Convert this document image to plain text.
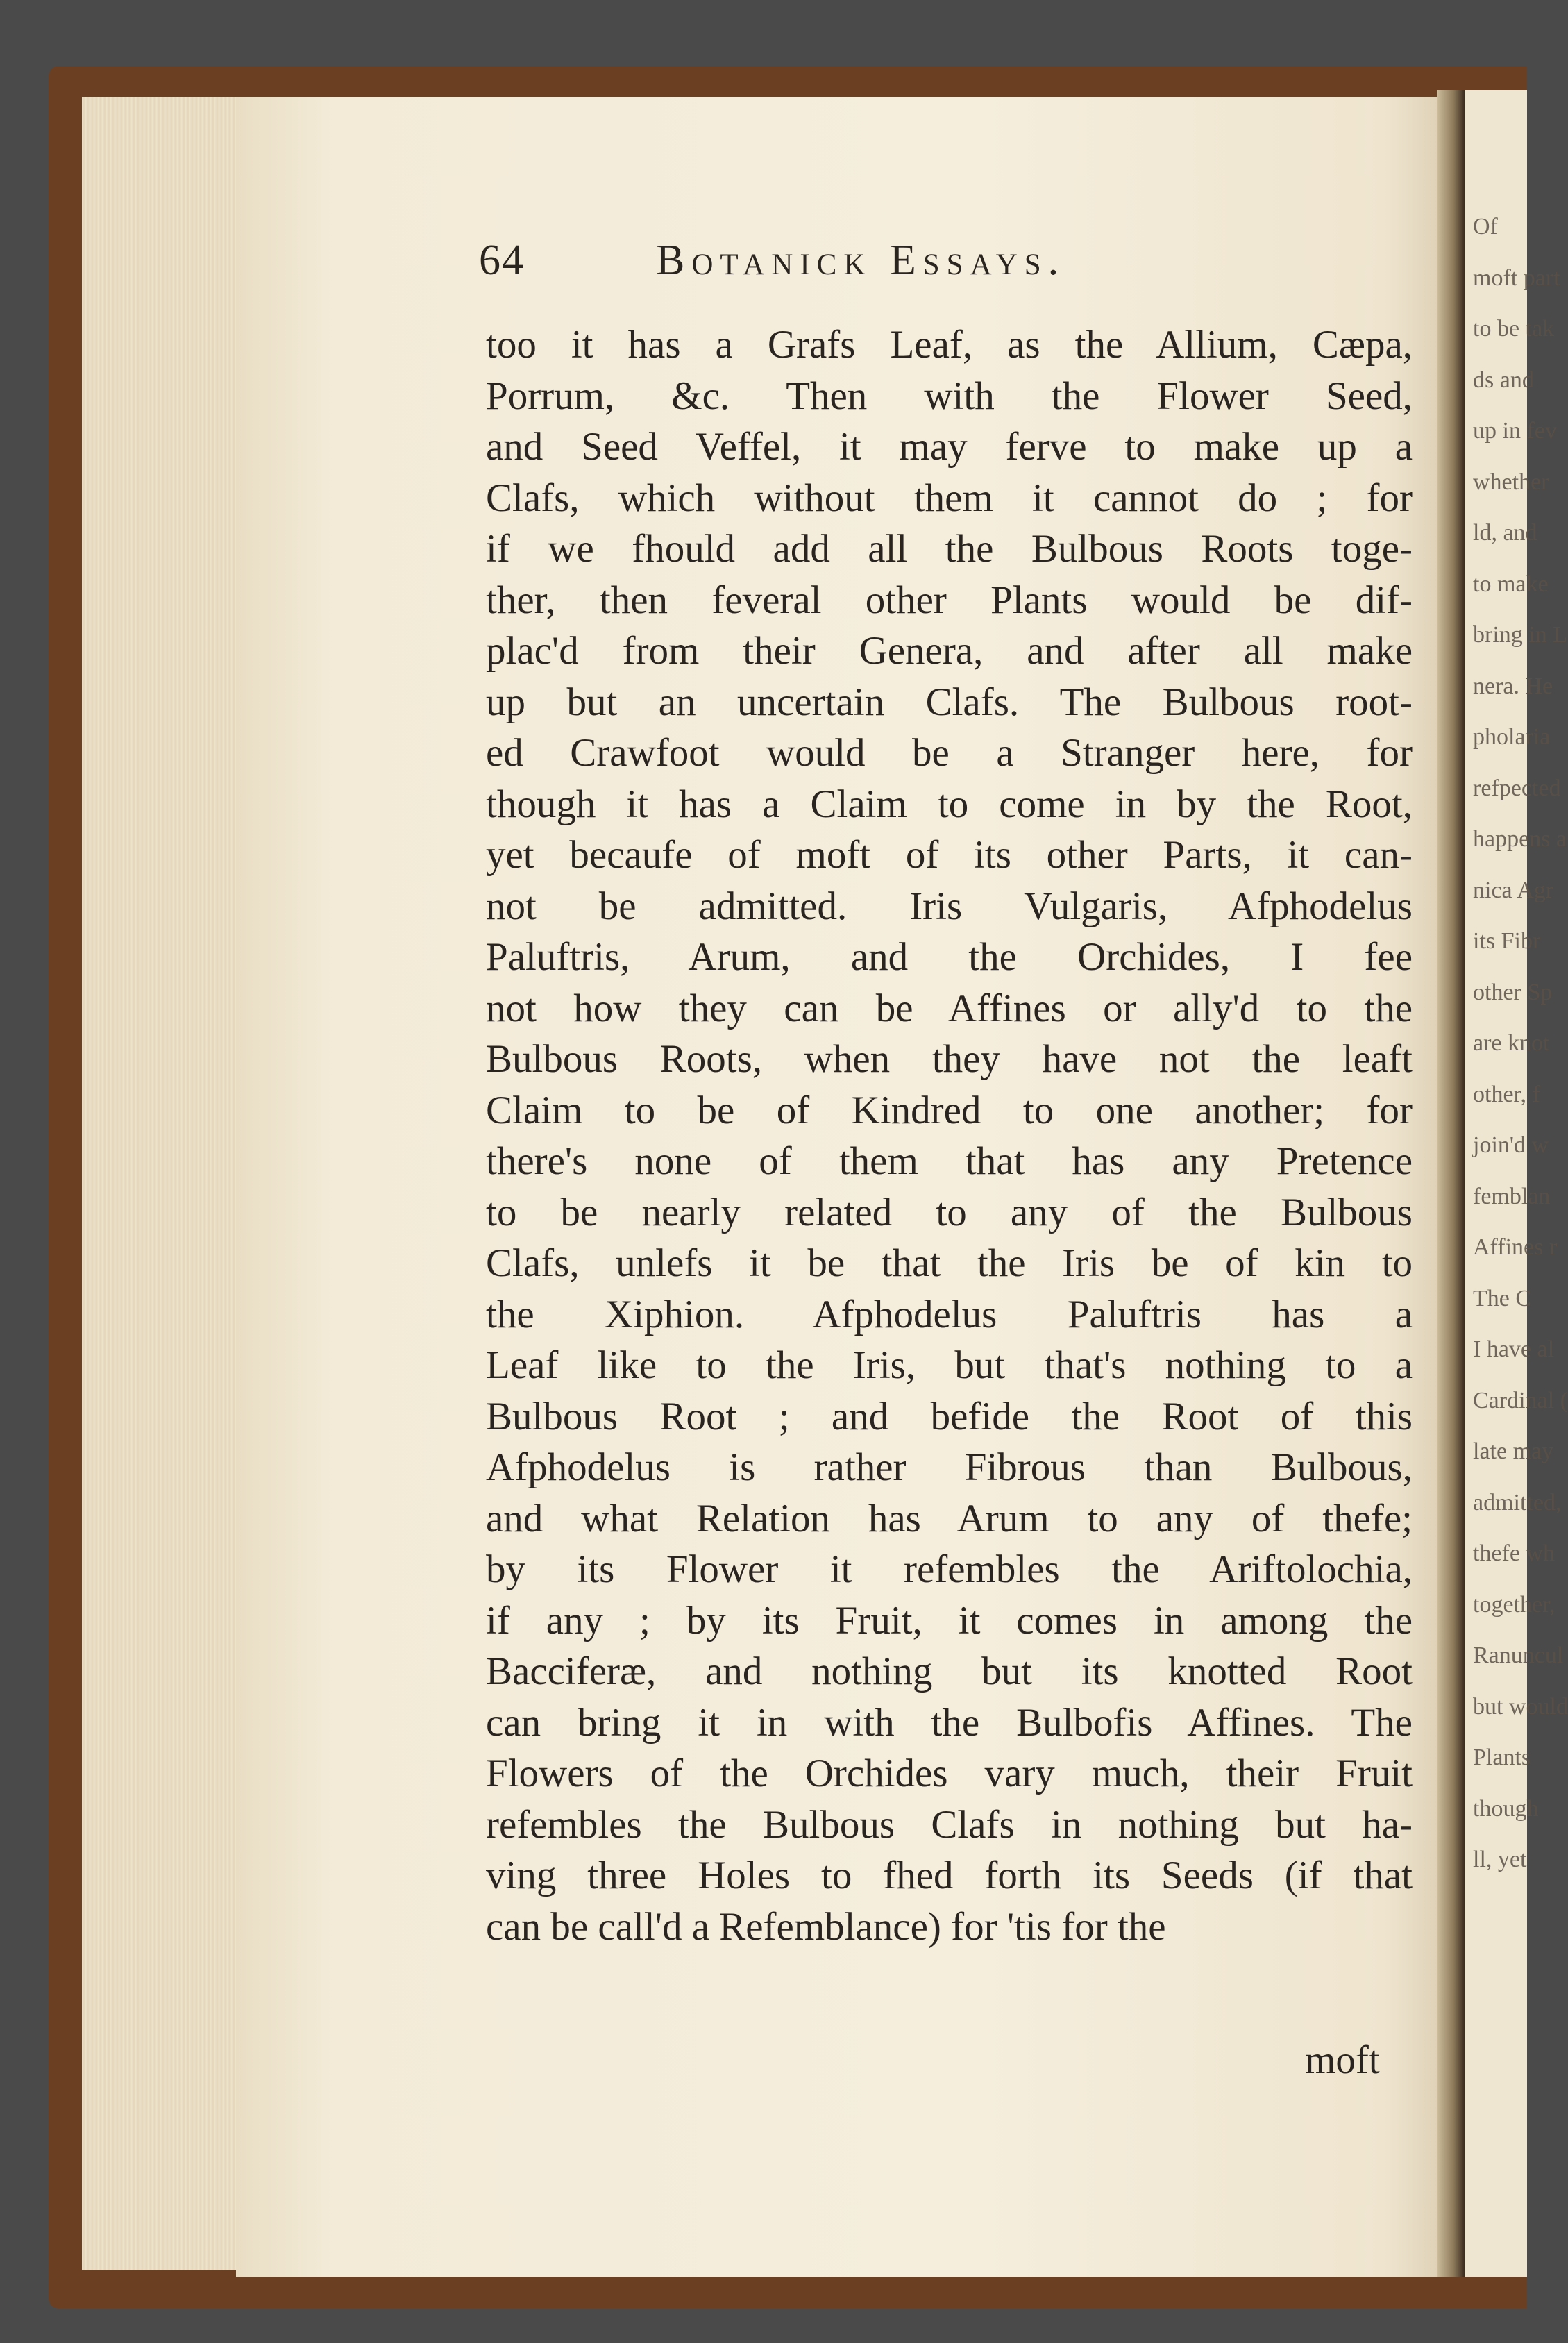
Of
moft part
to be tak
ds and
up in fev
whether
ld, and
to make
bring in L
nera. He
pholaria
refpected
happens a
nica Agr
its Fibr
other Sp
are knot
other, f
join'd w
femblan
Affines r
The C
I have al
Cardinal (
late may
admitted,
thefe wh
together,
Ranuncul
but would
Plants
though
ll, yet
64	Botanick Essays.
too it has a Grafs Leaf, as the Allium, Cæpa,
Porrum, &c. Then with the Flower Seed,
and Seed Veffel, it may ferve to make up a
Clafs, which without them it cannot do ; for
if we fhould add all the Bulbous Roots toge-
ther, then feveral other Plants would be dif-
plac'd from their Genera, and after all make
up but an uncertain Clafs. The Bulbous root-
ed Crawfoot would be a Stranger here, for
though it has a Claim to come in by the Root,
yet becaufe of moft of its other Parts, it can-
not be admitted. Iris Vulgaris, Afphodelus
Paluftris, Arum, and the Orchides, I fee
not how they can be Affines or ally'd to the
Bulbous Roots, when they have not the leaft
Claim to be of Kindred to one another; for
there's none of them that has any Pretence
to be nearly related to any of the Bulbous
Clafs, unlefs it be that the Iris be of kin to
the Xiphion. Afphodelus Paluftris has a
Leaf like to the Iris, but that's nothing to a
Bulbous Root ; and befide the Root of this
Afphodelus is rather Fibrous than Bulbous,
and what Relation has Arum to any of thefe;
by its Flower it refembles the Ariftolochia,
if any ; by its Fruit, it comes in among the
Bacciferæ, and nothing but its knotted Root
can bring it in with the Bulbofis Affines. The
Flowers of the Orchides vary much, their Fruit
refembles the Bulbous Clafs in nothing but ha-
ving three Holes to fhed forth its Seeds (if that
can be call'd a Refemblance) for 'tis for the
moft
